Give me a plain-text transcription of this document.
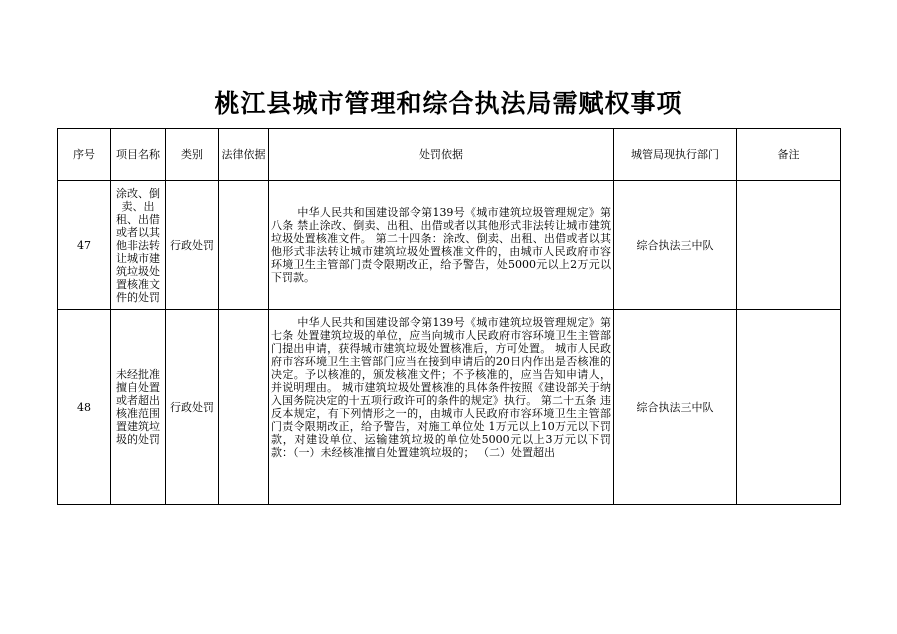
桃江县城市管理和综合执法局需赋权事项
序号	项目名称	类别	法律依据	处罚依据	城管局现执行部门	备注
47	涂改、倒卖、出租、出借或者以其他非法转让城市建筑垃圾处置核准文件的处罚	行政处罚		中华人民共和国建设部令第139号《城市建筑垃圾管理规定》第八条 禁止涂改、倒卖、出租、出借或者以其他形式非法转让城市建筑垃圾处置核准文件。 第二十四条：涂改、倒卖、出租、出借或者以其他形式非法转让城市建筑垃圾处置核准文件的，由城市人民政府市容环境卫生主管部门责令限期改正，给予警告，处5000元以上2万元以下罚款。	综合执法三中队	
48	未经批准擅自处置或者超出核准范围置建筑垃圾的处罚	行政处罚		中华人民共和国建设部令第139号《城市建筑垃圾管理规定》第七条 处置建筑垃圾的单位，应当向城市人民政府市容环境卫生主管部门提出申请，获得城市建筑垃圾处置核准后，方可处置。 城市人民政府市容环境卫生主管部门应当在接到申请后的20日内作出是否核准的决定。予以核准的，颁发核准文件；不予核准的，应当告知申请人，并说明理由。 城市建筑垃圾处置核准的具体条件按照《建设部关于纳入国务院决定的十五项行政许可的条件的规定》执行。 第二十五条 违反本规定，有下列情形之一的，由城市人民政府市容环境卫生主管部门责令限期改正，给予警告，对施工单位处 1万元以上10万元以下罚款，对建设单位、运输建筑垃圾的单位处5000元以上3万元以下罚款：（一）未经核准擅自处置建筑垃圾的； （二）处置超出	综合执法三中队	
